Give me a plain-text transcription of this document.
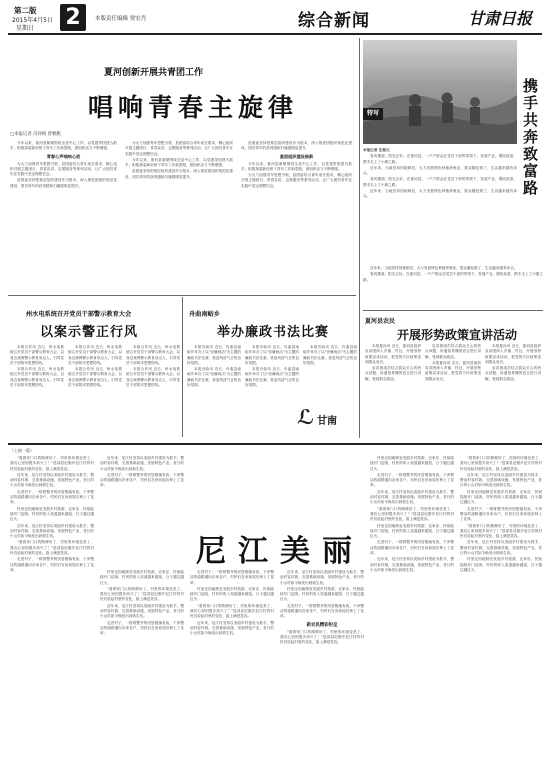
第二版
2015年4月5日
星期日 2	本版责任编辑 贾宏肖	综合新闻	甘肃日报
夏河创新开展共青团工作
唱响青春主旋律
□本报记者 冯祥梅 曾帆帆

今年以来，夏河县紧紧围绕全县中心工作，以党建带团建为抓手，积极探索新形势下青年工作新思路，团组织活力不断增强。

青春心声唱响心底

为大力加强青年思想引领，县团委结合青年成长需求，精心组织开展主题团日、青春宣讲、志愿服务等系列活动，让广大团员青年在实践中坚定理想信念。

县团委坚持把基层组织建设作为根本，深入推进团组织规范化建设，团员青年的获得感和归属感明显提升。

为大力加强青年思想引领，县团委结合青年成长需求，精心组织开展主题团日、青春宣讲、志愿服务等系列活动，让广大团员青年在实践中坚定理想信念。

今年以来，夏河县紧紧围绕全县中心工作，以党建带团建为抓手，积极探索新形势下青年工作新思路，团组织活力不断增强。

县团委坚持把基层组织建设作为根本，深入推进团组织规范化建设，团员青年的获得感和归属感明显提升。

县团委坚持把基层组织建设作为根本，深入推进团组织规范化建设，团员青年的获得感和归属感明显提升。

基层组织建设焕新

今年以来，夏河县紧紧围绕全县中心工作，以党建带团建为抓手，积极探索新形势下青年工作新思路，团组织活力不断增强。

为大力加强青年思想引领，县团委结合青年成长需求，精心组织开展主题团日、青春宣讲、志愿服务等系列活动，让广大团员青年在实践中坚定理想信念。

特写
携手共奔致富路

本报记者 庄俊元

春风拂面，阳光正好。在夏河县，一户户群众在党员干部的带领下，发展产业，增收致富，携手走上了小康之路。

近年来，当地坚持因地制宜，大力发展特色种植养殖业，群众腰包鼓了，生活越来越有奔头。

春风拂面，阳光正好。在夏河县，一户户群众在党员干部的带领下，发展产业，增收致富，携手走上了小康之路。

近年来，当地坚持因地制宜，大力发展特色种植养殖业，群众腰包鼓了，生活越来越有奔头。

近年来，当地坚持因地制宜，大力发展特色种植养殖业，群众腰包鼓了，生活越来越有奔头。

春风拂面，阳光正好。在夏河县，一户户群众在党员干部的带领下，发展产业，增收致富，携手走上了小康之路。

夏河县农民
开展形势政策宣讲活动

本报夏河讯 近日，夏河县组织宣讲团深入乡镇、村社，开展形势政策宣讲活动，把党的方针政策送到群众身边。

宣讲团成员结合群众关心的热点问题，用通俗易懂的语言进行讲解，受到群众欢迎。

宣讲团成员结合群众关心的热点问题，用通俗易懂的语言进行讲解，受到群众欢迎。

本报夏河讯 近日，夏河县组织宣讲团深入乡镇、村社，开展形势政策宣讲活动，把党的方针政策送到群众身边。

本报夏河讯 近日，夏河县组织宣讲团深入乡镇、村社，开展形势政策宣讲活动，把党的方针政策送到群众身边。

宣讲团成员结合群众关心的热点问题，用通俗易懂的语言进行讲解，受到群众欢迎。

州水电系统召开党员干部警示教育大会
以案示警正行风

本报合作讯 近日，州水电系统召开党员干部警示教育大会，以身边案例警示教育身边人，引导党员干部筑牢思想防线。

本报合作讯 近日，州水电系统召开党员干部警示教育大会，以身边案例警示教育身边人，引导党员干部筑牢思想防线。

本报合作讯 近日，州水电系统召开党员干部警示教育大会，以身边案例警示教育身边人，引导党员干部筑牢思想防线。

本报合作讯 近日，州水电系统召开党员干部警示教育大会，以身边案例警示教育身边人，引导党员干部筑牢思想防线。

本报合作讯 近日，州水电系统召开党员干部警示教育大会，以身边案例警示教育身边人，引导党员干部筑牢思想防线。

本报合作讯 近日，州水电系统召开党员干部警示教育大会，以身边案例警示教育身边人，引导党员干部筑牢思想防线。

舟曲南峪乡
举办廉政书法比赛

本报舟曲讯 近日，舟曲县南峪乡举办了以"崇廉尚洁"为主题的廉政书法比赛，营造风清气正的良好氛围。

本报舟曲讯 近日，舟曲县南峪乡举办了以"崇廉尚洁"为主题的廉政书法比赛，营造风清气正的良好氛围。

本报舟曲讯 近日，舟曲县南峪乡举办了以"崇廉尚洁"为主题的廉政书法比赛，营造风清气正的良好氛围。

本报舟曲讯 近日，舟曲县南峪乡举办了以"崇廉尚洁"为主题的廉政书法比赛，营造风清气正的良好氛围。

本报舟曲讯 近日，舟曲县南峪乡举办了以"崇廉尚洁"为主题的廉政书法比赛，营造风清气正的良好氛围。

ℒ 甘南
（上接一版）
尼江美丽

"看着家门口的路修好了，村里的环境变美了，我们心里别提多高兴了！"迭部县尼傲乡尼江村的村民们说起村里的变化，脸上满是笑容。

近年来，尼江村坚持以美丽乡村建设为抓手，整治村容村貌，完善基础设施，发展特色产业，昔日的小山村如今焕发出勃勃生机。

走进村子，一排排整齐的民居错落有致，干净整洁的道路通向各家各户，村民们在房前屋后种上了花草。

村里还因地制宜发展乡村旅游，农家乐、民宿陆续开门迎客，村民的收入渠道越来越宽，日子越过越红火。

近年来，尼江村坚持以美丽乡村建设为抓手，整治村容村貌，完善基础设施，发展特色产业，昔日的小山村如今焕发出勃勃生机。

"看着家门口的路修好了，村里的环境变美了，我们心里别提多高兴了！"迭部县尼傲乡尼江村的村民们说起村里的变化，脸上满是笑容。

走进村子，一排排整齐的民居错落有致，干净整洁的道路通向各家各户，村民们在房前屋后种上了花草。

近年来，尼江村坚持以美丽乡村建设为抓手，整治村容村貌，完善基础设施，发展特色产业，昔日的小山村如今焕发出勃勃生机。

走进村子，一排排整齐的民居错落有致，干净整洁的道路通向各家各户，村民们在房前屋后种上了花草。

村里还因地制宜发展乡村旅游，农家乐、民宿陆续开门迎客，村民的收入渠道越来越宽，日子越过越红火。

"看着家门口的路修好了，村里的环境变美了，我们心里别提多高兴了！"迭部县尼傲乡尼江村的村民们说起村里的变化，脸上满是笑容。

近年来，尼江村坚持以美丽乡村建设为抓手，整治村容村貌，完善基础设施，发展特色产业，昔日的小山村如今焕发出勃勃生机。

走进村子，一排排整齐的民居错落有致，干净整洁的道路通向各家各户，村民们在房前屋后种上了花草。

走进村子，一排排整齐的民居错落有致，干净整洁的道路通向各家各户，村民们在房前屋后种上了花草。

村里还因地制宜发展乡村旅游，农家乐、民宿陆续开门迎客，村民的收入渠道越来越宽，日子越过越红火。

"看着家门口的路修好了，村里的环境变美了，我们心里别提多高兴了！"迭部县尼傲乡尼江村的村民们说起村里的变化，脸上满是笑容。

近年来，尼江村坚持以美丽乡村建设为抓手，整治村容村貌，完善基础设施，发展特色产业，昔日的小山村如今焕发出勃勃生机。

近年来，尼江村坚持以美丽乡村建设为抓手，整治村容村貌，完善基础设施，发展特色产业，昔日的小山村如今焕发出勃勃生机。

村里还因地制宜发展乡村旅游，农家乐、民宿陆续开门迎客，村民的收入渠道越来越宽，日子越过越红火。

走进村子，一排排整齐的民居错落有致，干净整洁的道路通向各家各户，村民们在房前屋后种上了花草。

新农民精彩纷呈

"看着家门口的路修好了，村里的环境变美了，我们心里别提多高兴了！"迭部县尼傲乡尼江村的村民们说起村里的变化，脸上满是笑容。

村里还因地制宜发展乡村旅游，农家乐、民宿陆续开门迎客，村民的收入渠道越来越宽，日子越过越红火。

走进村子，一排排整齐的民居错落有致，干净整洁的道路通向各家各户，村民们在房前屋后种上了花草。

近年来，尼江村坚持以美丽乡村建设为抓手，整治村容村貌，完善基础设施，发展特色产业，昔日的小山村如今焕发出勃勃生机。

"看着家门口的路修好了，村里的环境变美了，我们心里别提多高兴了！"迭部县尼傲乡尼江村的村民们说起村里的变化，脸上满是笑容。

村里还因地制宜发展乡村旅游，农家乐、民宿陆续开门迎客，村民的收入渠道越来越宽，日子越过越红火。

走进村子，一排排整齐的民居错落有致，干净整洁的道路通向各家各户，村民们在房前屋后种上了花草。

近年来，尼江村坚持以美丽乡村建设为抓手，整治村容村貌，完善基础设施，发展特色产业，昔日的小山村如今焕发出勃勃生机。

"看着家门口的路修好了，村里的环境变美了，我们心里别提多高兴了！"迭部县尼傲乡尼江村的村民们说起村里的变化，脸上满是笑容。

近年来，尼江村坚持以美丽乡村建设为抓手，整治村容村貌，完善基础设施，发展特色产业，昔日的小山村如今焕发出勃勃生机。

村里还因地制宜发展乡村旅游，农家乐、民宿陆续开门迎客，村民的收入渠道越来越宽，日子越过越红火。

走进村子，一排排整齐的民居错落有致，干净整洁的道路通向各家各户，村民们在房前屋后种上了花草。

"看着家门口的路修好了，村里的环境变美了，我们心里别提多高兴了！"迭部县尼傲乡尼江村的村民们说起村里的变化，脸上满是笑容。

近年来，尼江村坚持以美丽乡村建设为抓手，整治村容村貌，完善基础设施，发展特色产业，昔日的小山村如今焕发出勃勃生机。

村里还因地制宜发展乡村旅游，农家乐、民宿陆续开门迎客，村民的收入渠道越来越宽，日子越过越红火。
